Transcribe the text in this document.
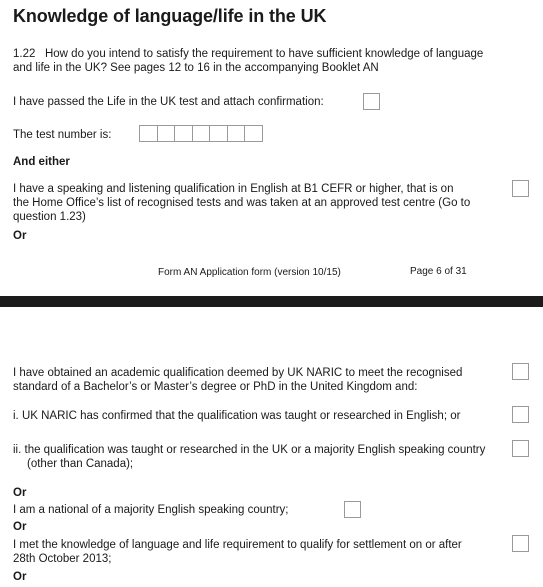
Knowledge of language/life in the UK
1.22 How do you intend to satisfy the requirement to have sufficient knowledge of language
and life in the UK? See pages 12 to 16 in the accompanying Booklet AN
I have passed the Life in the UK test and attach confirmation:
The test number is:
And either
I have a speaking and listening qualification in English at B1 CEFR or higher, that is on
the Home Office’s list of recognised tests and was taken at an approved test centre (Go to
question 1.23)
Or
Form AN Application form (version 10/15)	Page 6 of 31
I have obtained an academic qualification deemed by UK NARIC to meet the recognised
standard of a Bachelor’s or Master’s degree or PhD in the United Kingdom and:
i. UK NARIC has confirmed that the qualification was taught or researched in English; or
ii. the qualification was taught or researched in the UK or a majority English speaking country
(other than Canada);
Or
I am a national of a majority English speaking country;
Or
I met the knowledge of language and life requirement to qualify for settlement on or after
28th October 2013;
Or
